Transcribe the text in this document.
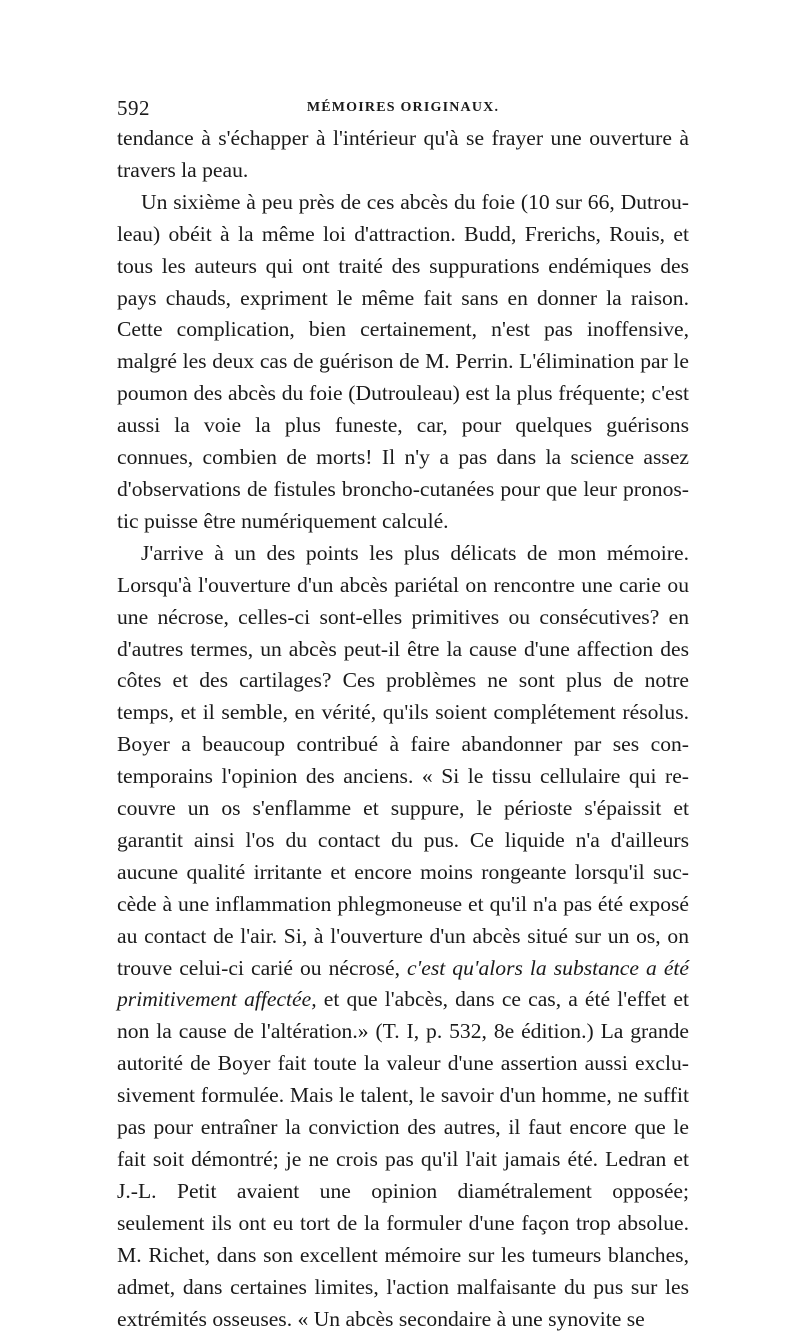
592	MÉMOIRES ORIGINAUX.

tendance à s'échapper à l'intérieur qu'à se frayer une ouverture à travers la peau.

Un sixième à peu près de ces abcès du foie (10 sur 66, Dutrouleau) obéit à la même loi d'attraction. Budd, Frerichs, Rouis, et tous les auteurs qui ont traité des suppurations endémiques des pays chauds, expriment le même fait sans en donner la raison. Cette complication, bien certainement, n'est pas inoffensive, malgré les deux cas de guérison de M. Perrin. L'élimination par le poumon des abcès du foie (Dutrouleau) est la plus fréquente; c'est aussi la voie la plus funeste, car, pour quelques guérisons connues, combien de morts! Il n'y a pas dans la science assez d'observations de fistules broncho-cutanées pour que leur pronostic puisse être numériquement calculé.

J'arrive à un des points les plus délicats de mon mémoire. Lorsqu'à l'ouverture d'un abcès pariétal on rencontre une carie ou une nécrose, celles-ci sont-elles primitives ou consécutives? en d'autres termes, un abcès peut-il être la cause d'une affection des côtes et des cartilages? Ces problèmes ne sont plus de notre temps, et il semble, en vérité, qu'ils soient complétement résolus. Boyer a beaucoup contribué à faire abandonner par ses contemporains l'opinion des anciens. « Si le tissu cellulaire qui recouvre un os s'enflamme et suppure, le périoste s'épaissit et garantit ainsi l'os du contact du pus. Ce liquide n'a d'ailleurs aucune qualité irritante et encore moins rongeante lorsqu'il succède à une inflammation phlegmoneuse et qu'il n'a pas été exposé au contact de l'air. Si, à l'ouverture d'un abcès situé sur un os, on trouve celui-ci carié ou nécrosé, c'est qu'alors la substance a été primitivement affectée, et que l'abcès, dans ce cas, a été l'effet et non la cause de l'altération.» (T. I, p. 532, 8e édition.) La grande autorité de Boyer fait toute la valeur d'une assertion aussi exclusivement formulée. Mais le talent, le savoir d'un homme, ne suffit pas pour entraîner la conviction des autres, il faut encore que le fait soit démontré; je ne crois pas qu'il l'ait jamais été. Ledran et J.-L. Petit avaient une opinion diamétralement opposée; seulement ils ont eu tort de la formuler d'une façon trop absolue. M. Richet, dans son excellent mémoire sur les tumeurs blanches, admet, dans certaines limites, l'action malfaisante du pus sur les extrémités osseuses. « Un abcès secondaire à une synovite se
